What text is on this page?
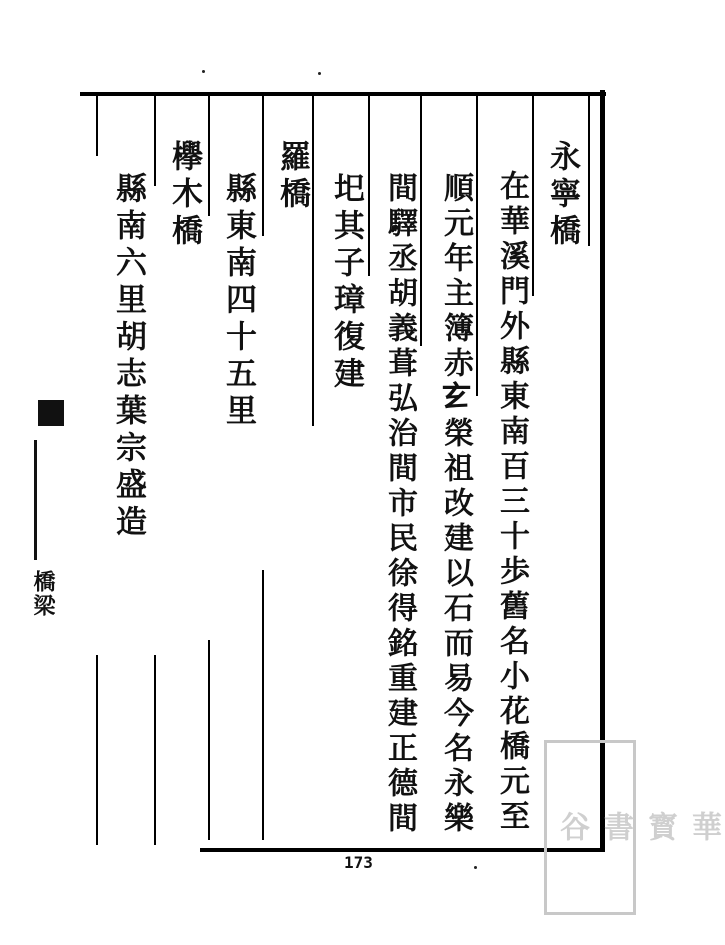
永寧橋
在華溪門外縣東南百三十歩舊名小花橋元至
順元年主簿赤𤣥榮祖改建以石而易今名永樂
間驛丞胡義葺弘治間市民徐得銘重建正德間
圯其子璋復建
羅橋
縣東南四十五里
欅木橋
縣南六里胡志葉宗盛造
橋梁
173
華
寳
書
谷
